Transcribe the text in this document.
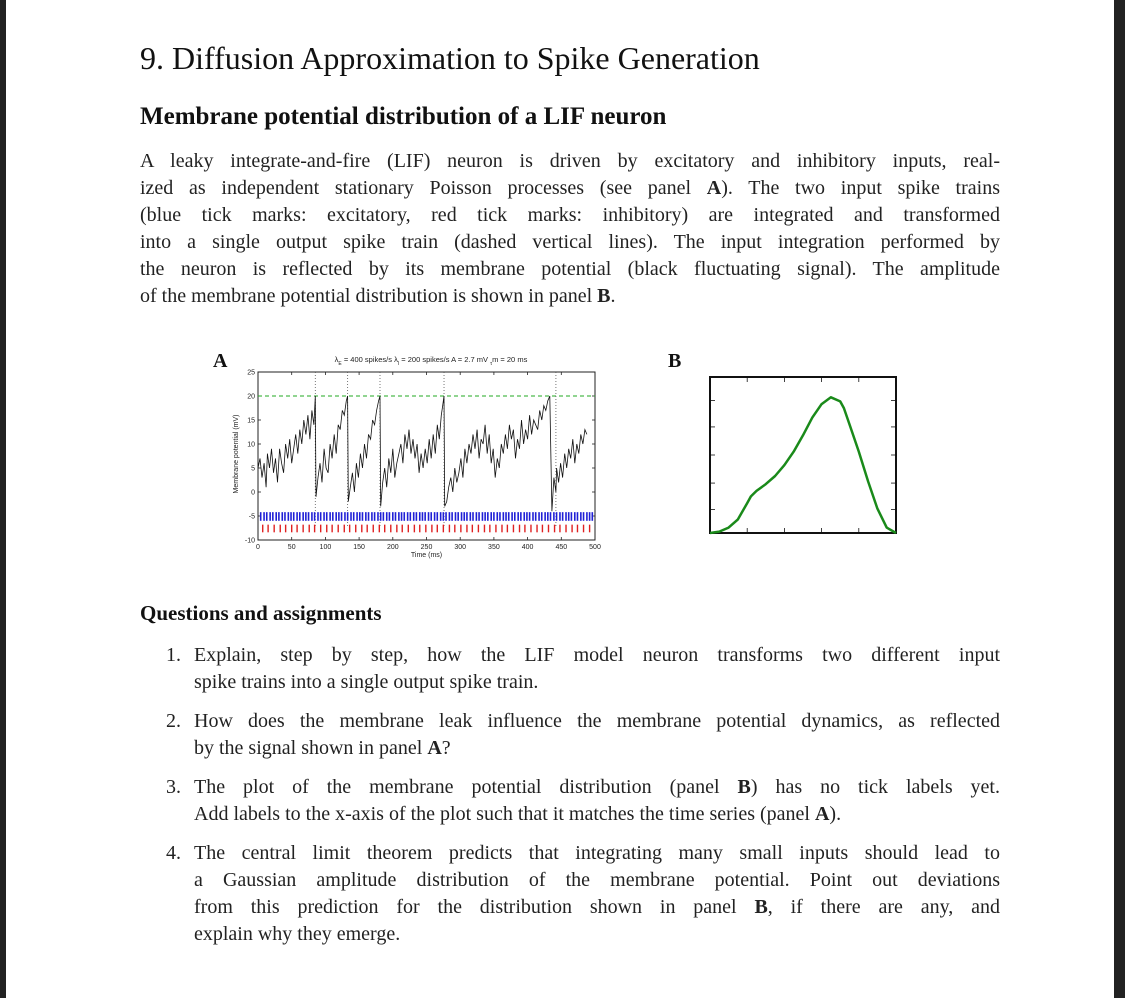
9. Diffusion Approximation to Spike Generation
Membrane potential distribution of a LIF neuron
A leaky integrate-and-fire (LIF) neuron is driven by excitatory and inhibitory inputs, real-
ized as independent stationary Poisson processes (see panel A). The two input spike trains
(blue tick marks: excitatory, red tick marks: inhibitory) are integrated and transformed
into a single output spike train (dashed vertical lines). The input integration performed by
the neuron is reflected by its membrane potential (black fluctuating signal). The amplitude
of the membrane potential distribution is shown in panel B.
A	$\lambda_E = 400$ spikes/s $\lambda_I = 200$ spikes/s A = 2.7 mV $_\tau$m = 20 ms
0	50	100	150	200	250	300	350	400	450	500
-10
-5
0
5
10
15
20
25
Time (ms)
Membrane potential (mV)
B
Questions and assignments
1. Explain, step by step, how the LIF model neuron transforms two different input
spike trains into a single output spike train.
2. How does the membrane leak influence the membrane potential dynamics, as reflected
by the signal shown in panel A?
3. The plot of the membrane potential distribution (panel B) has no tick labels yet.
Add labels to the x-axis of the plot such that it matches the time series (panel A).
4. The central limit theorem predicts that integrating many small inputs should lead to
a Gaussian amplitude distribution of the membrane potential. Point out deviations
from this prediction for the distribution shown in panel B, if there are any, and
explain why they emerge.
